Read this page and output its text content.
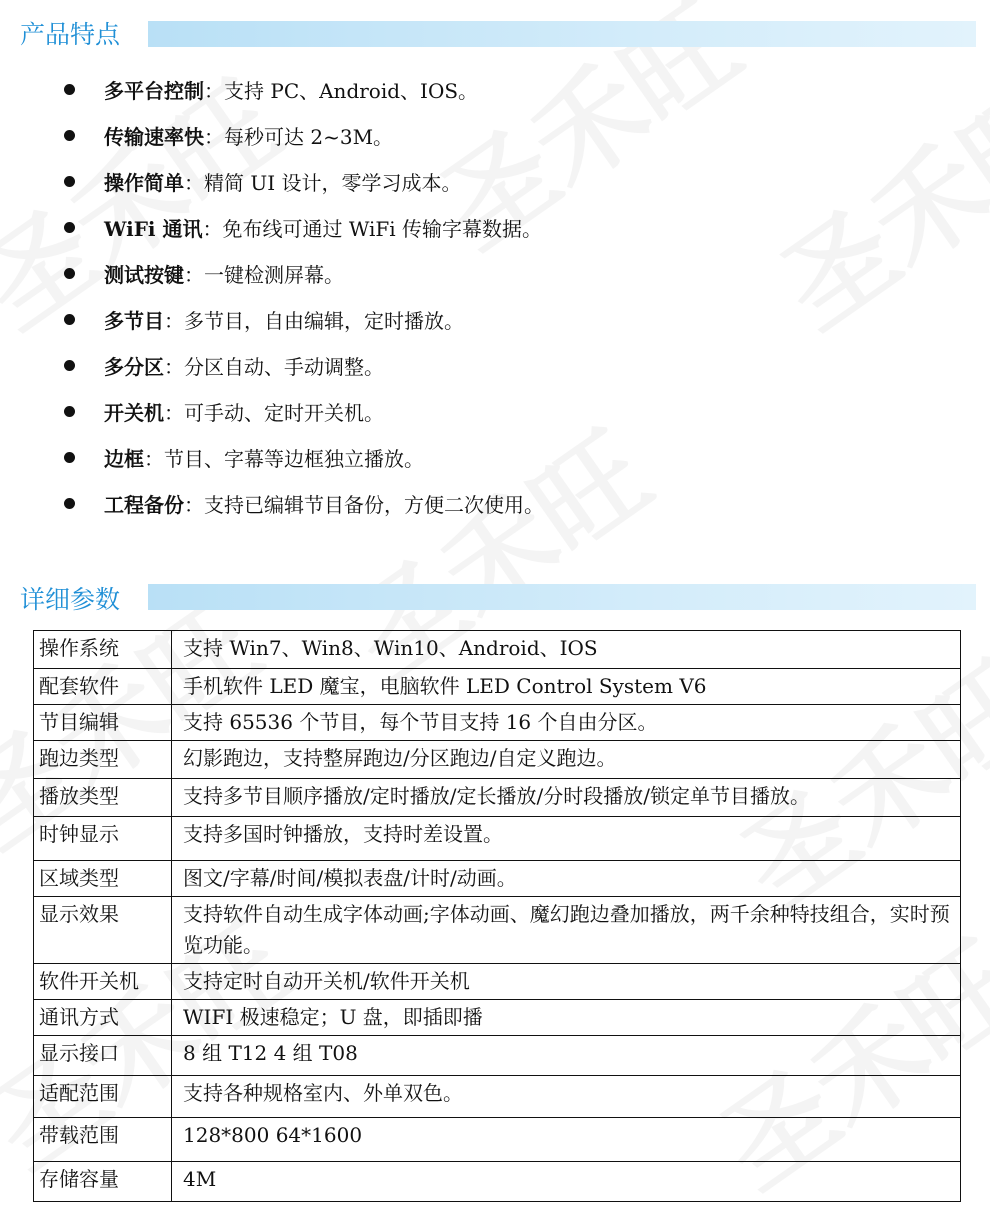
产品特点
多平台控制 ： 支持 PC、Android、IOS。
传输速率快 ： 每秒可达 2~3M。
操作简单 ： 精简 UI 设计，零学习成本。
WiFi 通讯 ： 免布线可通过 WiFi 传输字幕数据。
测试按键 ： 一键检测屏幕。
多节目 ： 多节目，自由编辑，定时播放。
多分区 ： 分区自动、手动调整。
开关机 ： 可手动、定时开关机。
边框 ： 节目、字幕等边框独立播放。
工程备份 ： 支持已编辑节目备份，方便二次使用。
详细参数
操作系统	支持 Win7、Win8、Win10、Android、IOS
配套软件	手机软件 LED 魔宝，电脑软件 LED Control System V6
节目编辑	支持 65536 个节目，每个节目支持 16 个自由分区。
跑边类型	幻影跑边，支持整屏跑边/分区跑边/自定义跑边。
播放类型	支持多节目顺序播放/定时播放/定长播放/分时段播放/锁定单节目播放。
时钟显示	支持多国时钟播放，支持时差设置。
区域类型	图文/字幕/时间/模拟表盘/计时/动画。
显示效果	支持软件自动生成字体动画;字体动画、魔幻跑边叠加播放，两千余种特技组合，实时预览功能。
软件开关机	支持定时自动开关机/软件开关机
通讯方式	WIFI 极速稳定；U 盘，即插即播
显示接口	8 组 T12 4 组 T08
适配范围	支持各种规格室内、外单双色。
带载范围	128*800 64*1600
存储容量	4M
